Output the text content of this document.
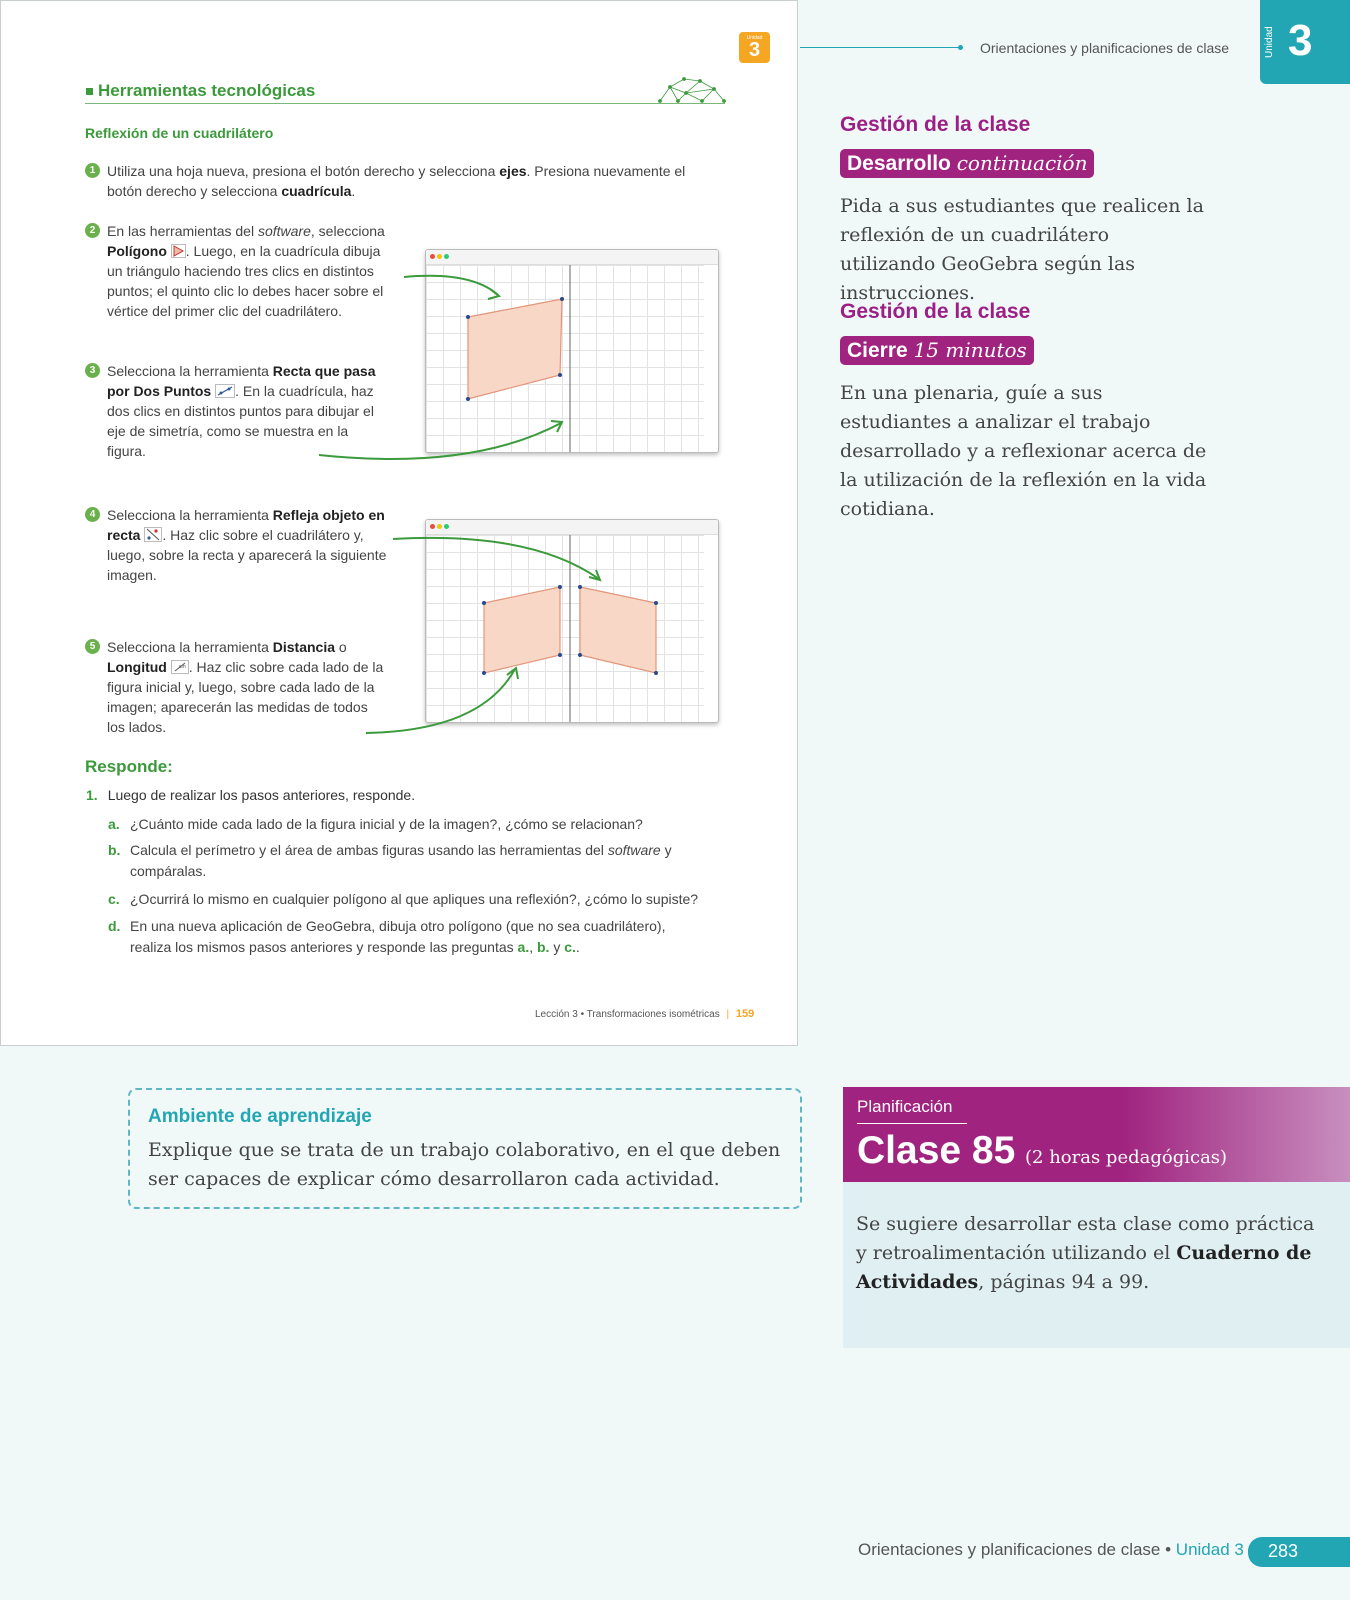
Unidad
3
Herramientas tecnológicas
Reflexión de un cuadrilátero
1 Utiliza una hoja nueva, presiona el botón derecho y selecciona ejes. Presiona nuevamente el botón derecho y selecciona cuadrícula.
2 En las herramientas del software, selecciona Polígono . Luego, en la cuadrícula dibuja un triángulo haciendo tres clics en distintos puntos; el quinto clic lo debes hacer sobre el vértice del primer clic del cuadrilátero.
3 Selecciona la herramienta Recta que pasa por Dos Puntos . En la cuadrícula, haz dos clics en distintos puntos para dibujar el eje de simetría, como se muestra en la figura.
4 Selecciona la herramienta Refleja objeto en recta . Haz clic sobre el cuadrilátero y, luego, sobre la recta y aparecerá la siguiente imagen.
5 Selecciona la herramienta Distancia o Longitud cm . Haz clic sobre cada lado de la figura inicial y, luego, sobre cada lado de la imagen; aparecerán las medidas de todos los lados.
Responde:
1. Luego de realizar los pasos anteriores, responde.
a. ¿Cuánto mide cada lado de la figura inicial y de la imagen?, ¿cómo se relacionan?
b. Calcula el perímetro y el área de ambas figuras usando las herramientas del software y compáralas.
c. ¿Ocurrirá lo mismo en cualquier polígono al que apliques una reflexión?, ¿cómo lo supiste?
d. En una nueva aplicación de GeoGebra, dibuja otro polígono (que no sea cuadrilátero), realiza los mismos pasos anteriores y responde las preguntas a., b. y c..
Lección 3 • Transformaciones isométricas | 159
Orientaciones y planificaciones de clase	Unidad 3
Gestión de la clase
Desarrollo continuación
Pida a sus estudiantes que realicen la reflexión de un cuadrilátero utilizando GeoGebra según las instrucciones.
Gestión de la clase
Cierre 15 minutos
En una plenaria, guíe a sus estudiantes a analizar el trabajo desarrollado y a reflexionar acerca de la utilización de la reflexión en la vida cotidiana.
Ambiente de aprendizaje
Explique que se trata de un trabajo colaborativo, en el que deben ser capaces de explicar cómo desarrollaron cada actividad.
Planificación
Clase 85 (2 horas pedagógicas)
Se sugiere desarrollar esta clase como práctica y retroalimentación utilizando el Cuaderno de Actividades, páginas 94 a 99.
Orientaciones y planificaciones de clase • Unidad 3 283
